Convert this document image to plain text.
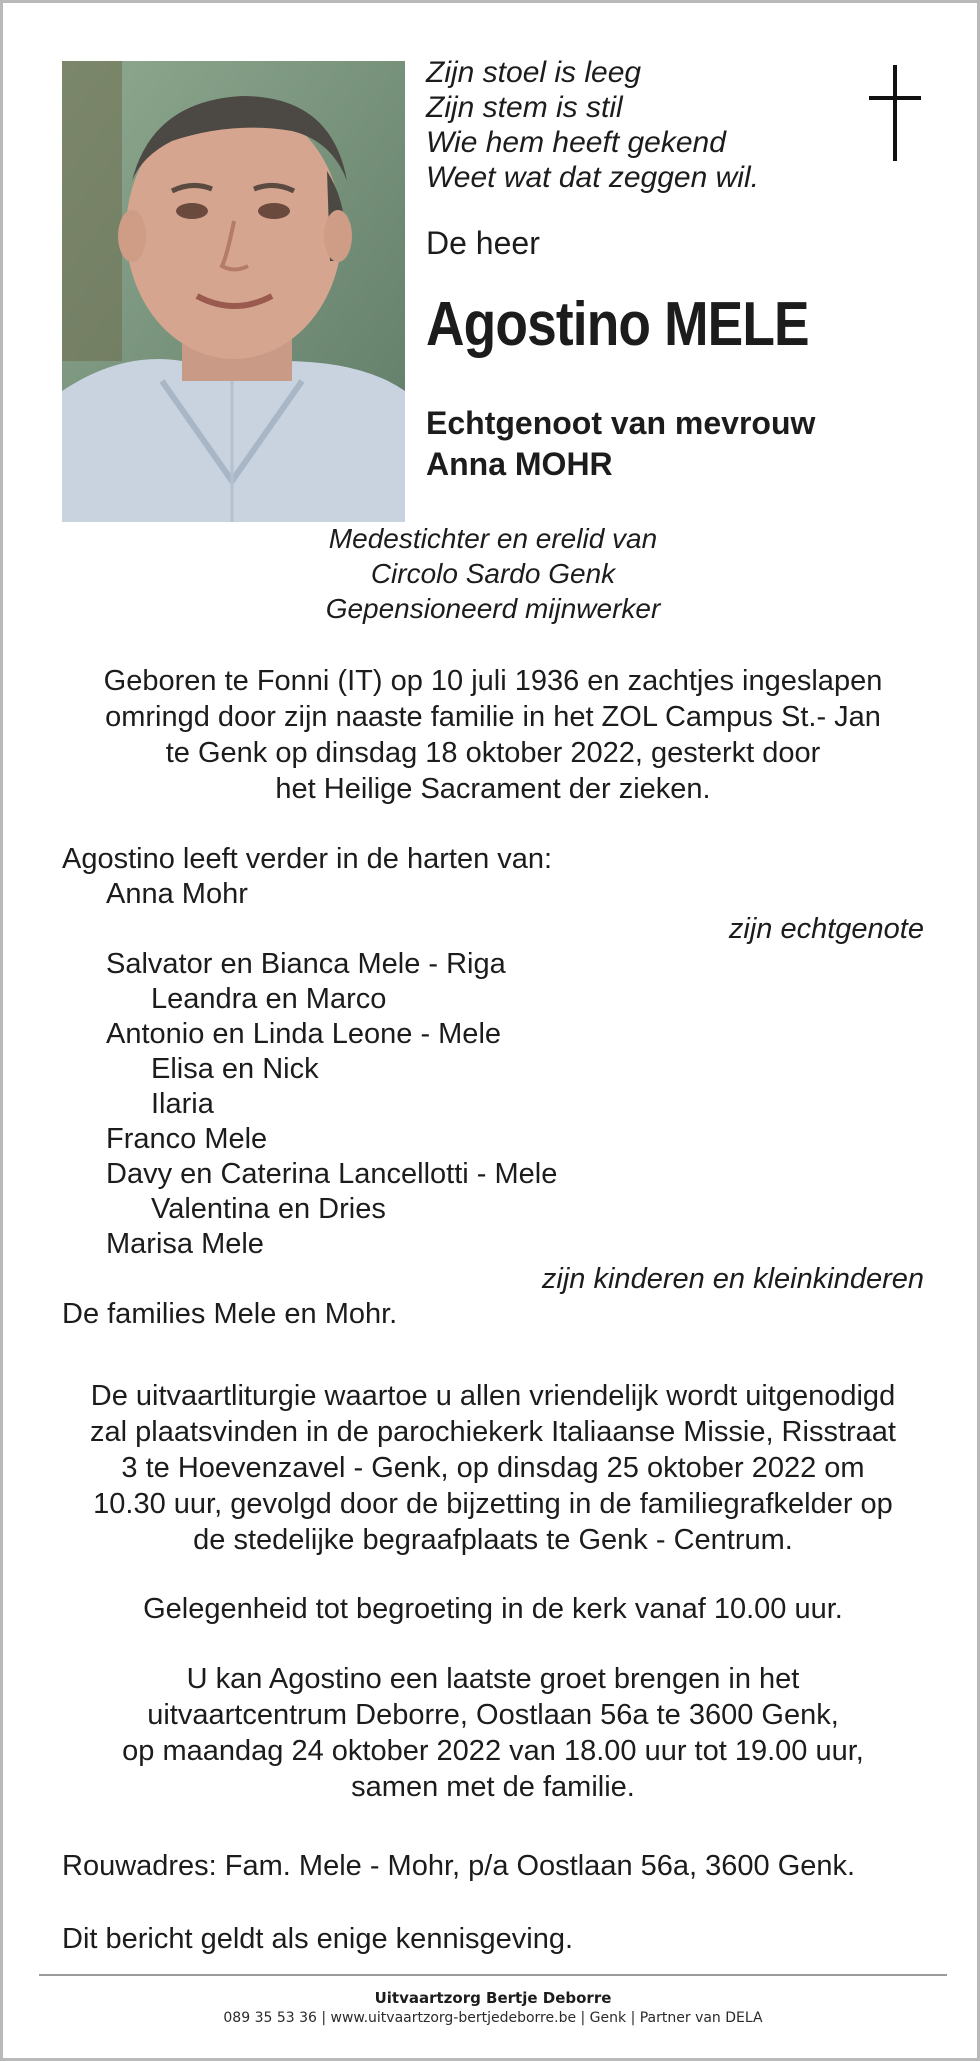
Zijn stoel is leeg
Zijn stem is stil
Wie hem heeft gekend
Weet wat dat zeggen wil.
De heer
Agostino MELE
Echtgenoot van mevrouw
Anna MOHR
Medestichter en erelid van
Circolo Sardo Genk
Gepensioneerd mijnwerker
Geboren te Fonni (IT) op 10 juli 1936 en zachtjes ingeslapen
omringd door zijn naaste familie in het ZOL Campus St.- Jan
te Genk op dinsdag 18 oktober 2022, gesterkt door
het Heilige Sacrament der zieken.
Agostino leeft verder in de harten van:
Anna Mohr
zijn echtgenote
Salvator en Bianca Mele - Riga
Leandra en Marco
Antonio en Linda Leone - Mele
Elisa en Nick
Ilaria
Franco Mele
Davy en Caterina Lancellotti - Mele
Valentina en Dries
Marisa Mele
zijn kinderen en kleinkinderen
De families Mele en Mohr.
De uitvaartliturgie waartoe u allen vriendelijk wordt uitgenodigd
zal plaatsvinden in de parochiekerk Italiaanse Missie, Risstraat
3 te Hoevenzavel - Genk, op dinsdag 25 oktober 2022 om
10.30 uur, gevolgd door de bijzetting in de familiegrafkelder op
de stedelijke begraafplaats te Genk - Centrum.
Gelegenheid tot begroeting in de kerk vanaf 10.00 uur.
U kan Agostino een laatste groet brengen in het
uitvaartcentrum Deborre, Oostlaan 56a te 3600 Genk,
op maandag 24 oktober 2022 van 18.00 uur tot 19.00 uur,
samen met de familie.
Rouwadres: Fam. Mele - Mohr, p/a Oostlaan 56a, 3600 Genk.
Dit bericht geldt als enige kennisgeving.
Uitvaartzorg Bertje Deborre
089 35 53 36 | www.uitvaartzorg-bertjedeborre.be | Genk | Partner van DELA
